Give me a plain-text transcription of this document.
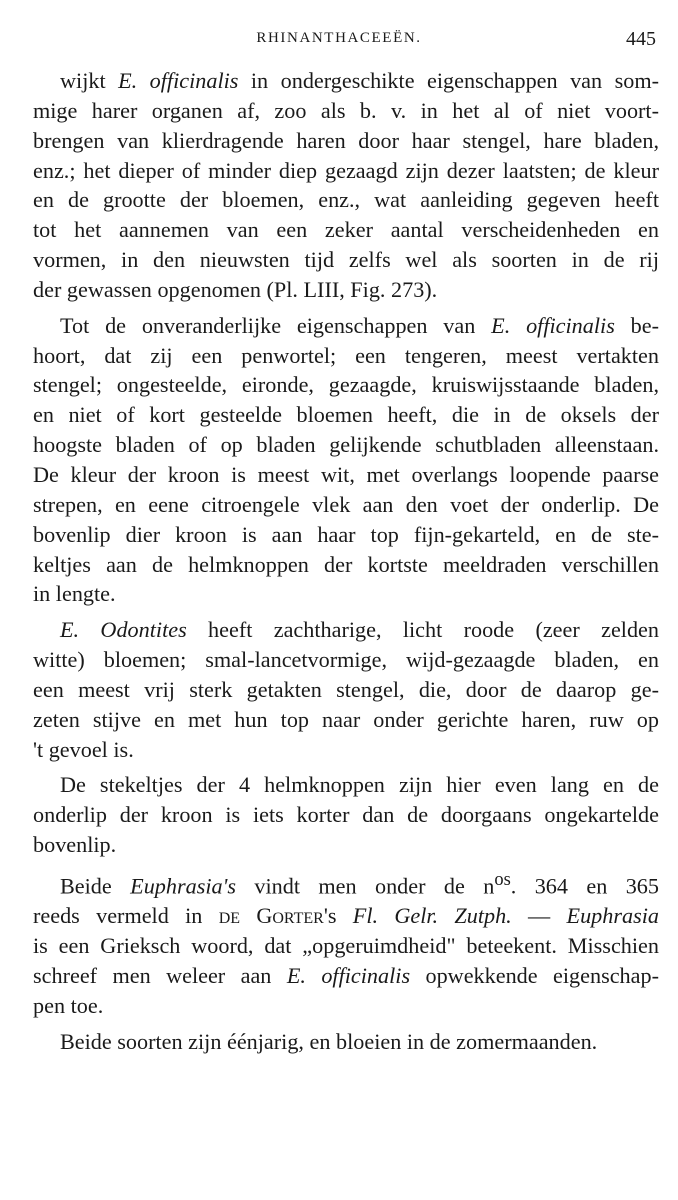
RHINANTHACEEËN.	445

wijkt E. officinalis in ondergeschikte eigenschappen van som-
mige harer organen af, zoo als b. v. in het al of niet voort-
brengen van klierdragende haren door haar stengel, hare bladen,
enz.; het dieper of minder diep gezaagd zijn dezer laatsten; de kleur
en de grootte der bloemen, enz., wat aanleiding gegeven heeft
tot het aannemen van een zeker aantal verscheidenheden en
vormen, in den nieuwsten tijd zelfs wel als soorten in de rij
der gewassen opgenomen (Pl. LIII, Fig. 273).

Tot de onveranderlijke eigenschappen van E. officinalis be-
hoort, dat zij een penwortel; een tengeren, meest vertakten
stengel; ongesteelde, eironde, gezaagde, kruiswijsstaande bladen,
en niet of kort gesteelde bloemen heeft, die in de oksels der
hoogste bladen of op bladen gelijkende schutbladen alleenstaan.
De kleur der kroon is meest wit, met overlangs loopende paarse
strepen, en eene citroengele vlek aan den voet der onderlip. De
bovenlip dier kroon is aan haar top fijn-gekarteld, en de ste-
keltjes aan de helmknoppen der kortste meeldraden verschillen
in lengte.

E. Odontites heeft zachtharige, licht roode (zeer zelden
witte) bloemen; smal-lancetvormige, wijd-gezaagde bladen, en
een meest vrij sterk getakten stengel, die, door de daarop ge-
zeten stijve en met hun top naar onder gerichte haren, ruw op
't gevoel is.

De stekeltjes der 4 helmknoppen zijn hier even lang en de
onderlip der kroon is iets korter dan de doorgaans ongekartelde
bovenlip.

Beide Euphrasia's vindt men onder de $n^{os}$. 364 en 365
reeds vermeld in de Gorter's Fl. Gelr. Zutph. — Euphrasia
is een Grieksch woord, dat „opgeruimdheid" beteekent. Misschien
schreef men weleer aan E. officinalis opwekkende eigenschap-
pen toe.

Beide soorten zijn éénjarig, en bloeien in de zomermaanden.
